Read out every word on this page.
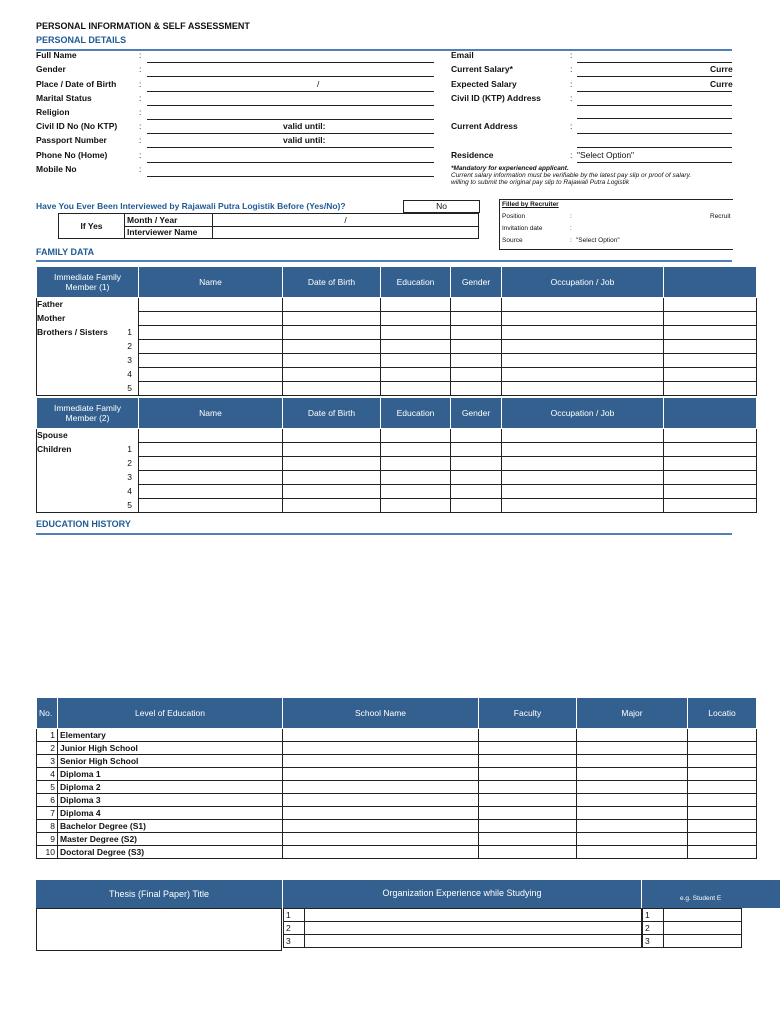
PERSONAL INFORMATION & SELF ASSESSMENT
PERSONAL DETAILS
Full Name	:
Gender	:
Place / Date of Birth	:	/
Marital Status	:
Religion	:
Civil ID No (No KTP)	:	valid until:
Passport Number	:	valid until:
Phone No (Home)	:
Mobile No	:
Email	:
Current Salary*	:	Curre
Expected Salary	:	Curre
Civil ID (KTP) Address	:
Current Address	:
Residence	: "Select Option"
*Mandatory for experienced applicant.
Current salary information must be verifiable by the latest pay slip or proof of salary.
willing to submit the original pay slip to Rajawali Putra Logistik
Have You Ever Been Interviewed by Rajawali Putra Logistik Before (Yes/No)?	No
If Yes	Month / Year	/
	Interviewer Name	
Filled by Recruiter
Position	:	Recruit
Invitation date	:
Source	: "Select Option"
FAMILY DATA
Immediate Family Member (1)	Name	Date of Birth	Education	Gender	Occupation / Job	

Father						

Mother						

Brothers / Sisters 1						

2						

3						

4						

5						

Immediate Family Member (2)	Name	Date of Birth	Education	Gender	Occupation / Job	

Spouse						

Children 1						

2						

3						

4						

5						

EDUCATION HISTORY
No.	Level of Education	School Name	Faculty	Major	Locatio
1	Elementary				
2	Junior High School				
3	Senior High School				
4	Diploma 1				
5	Diploma 2				
6	Diploma 3				
7	Diploma 4				
8	Bachelor Degree (S1)				
9	Master Degree (S2)				
10	Doctoral Degree (S3)				
Thesis (Final Paper) Title	Organization Experience while Studying
e.g. Student E
1	
2	
3	
1	
2	
3	
